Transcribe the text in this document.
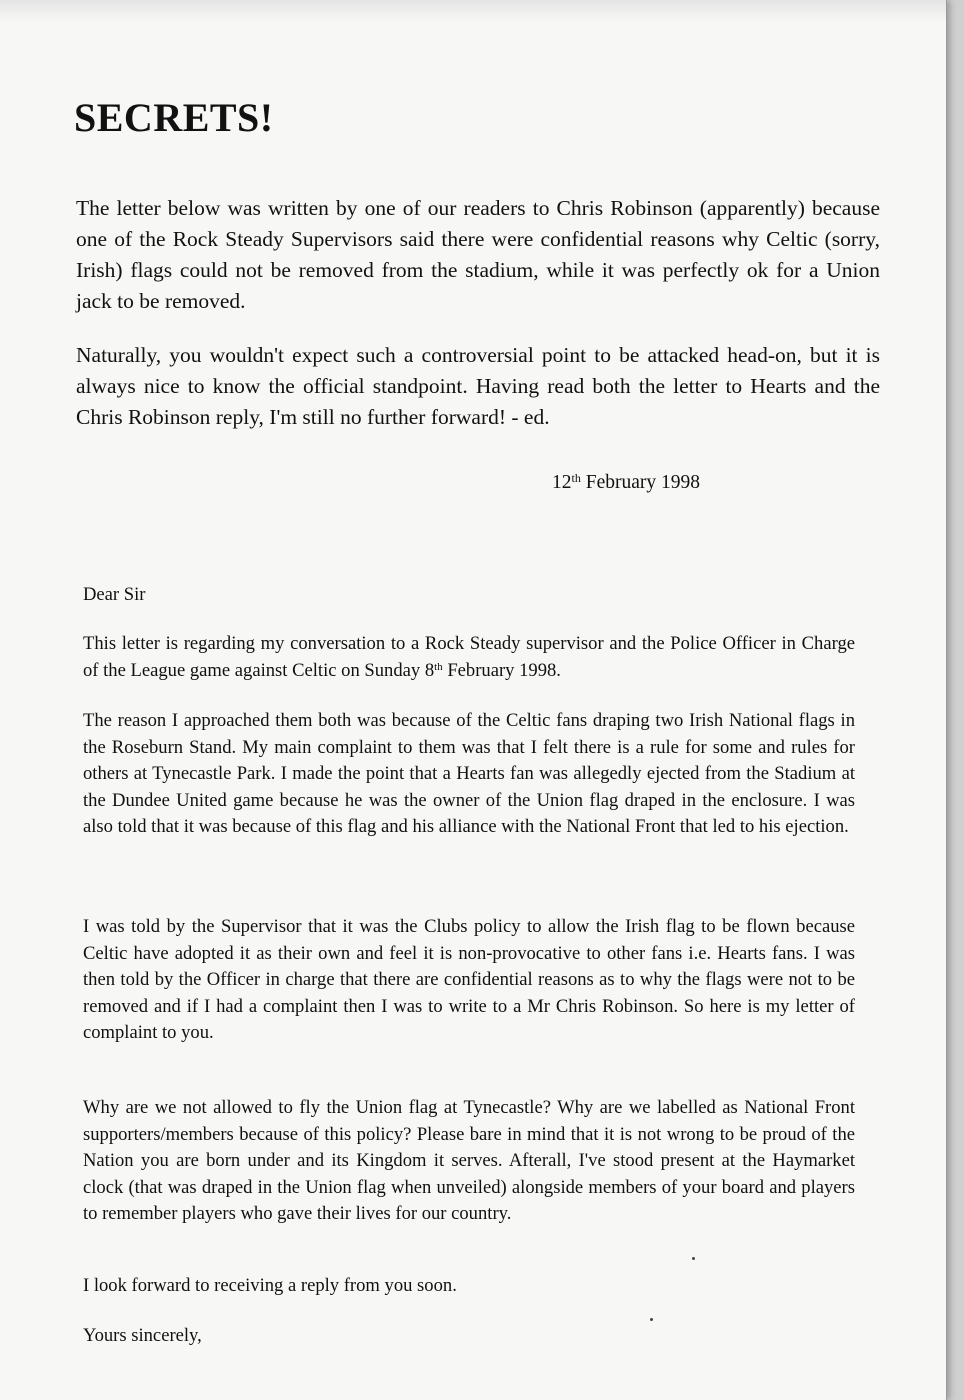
SECRETS!

The letter below was written by one of our readers to Chris Robinson (apparently) because one of the Rock Steady Supervisors said there were confidential reasons why Celtic (sorry, Irish) flags could not be removed from the stadium, while it was perfectly ok for a Union jack to be removed.

Naturally, you wouldn't expect such a controversial point to be attacked head-on, but it is always nice to know the official standpoint. Having read both the letter to Hearts and the Chris Robinson reply, I'm still no further forward! - ed.

12th February 1998

Dear Sir

This letter is regarding my conversation to a Rock Steady supervisor and the Police Officer in Charge of the League game against Celtic on Sunday 8th February 1998.

The reason I approached them both was because of the Celtic fans draping two Irish National flags in the Roseburn Stand. My main complaint to them was that I felt there is a rule for some and rules for others at Tynecastle Park. I made the point that a Hearts fan was allegedly ejected from the Stadium at the Dundee United game because he was the owner of the Union flag draped in the enclosure. I was also told that it was because of this flag and his alliance with the National Front that led to his ejection.

I was told by the Supervisor that it was the Clubs policy to allow the Irish flag to be flown because Celtic have adopted it as their own and feel it is non-provocative to other fans i.e. Hearts fans. I was then told by the Officer in charge that there are confidential reasons as to why the flags were not to be removed and if I had a complaint then I was to write to a Mr Chris Robinson. So here is my letter of complaint to you.

Why are we not allowed to fly the Union flag at Tynecastle? Why are we labelled as National Front supporters/members because of this policy? Please bare in mind that it is not wrong to be proud of the Nation you are born under and its Kingdom it serves. Afterall, I've stood present at the Haymarket clock (that was draped in the Union flag when unveiled) alongside members of your board and players to remember players who gave their lives for our country.

I look forward to receiving a reply from you soon.

Yours sincerely,
